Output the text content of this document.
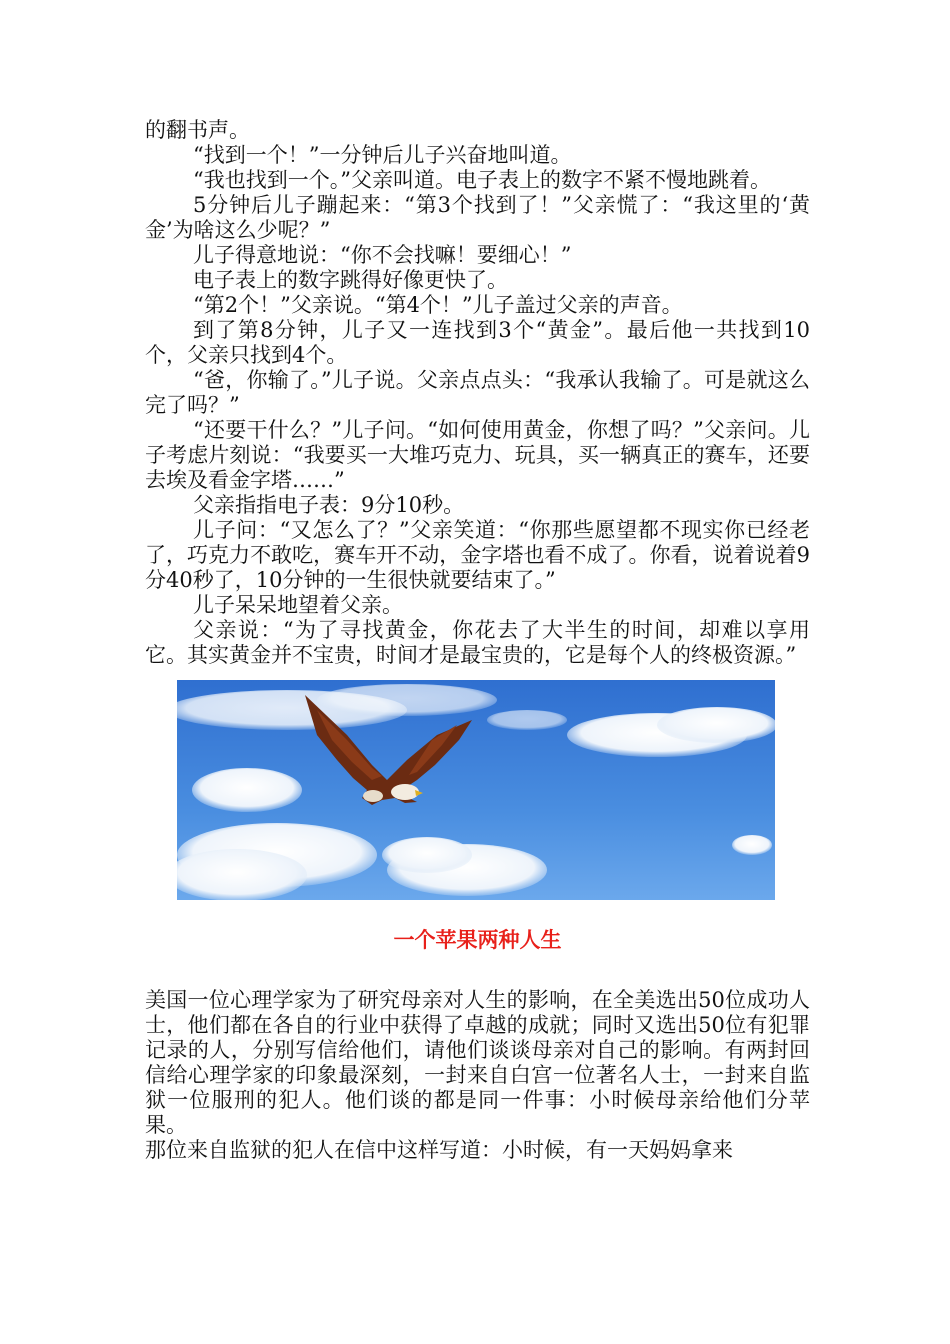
的翻书声。

“找到一个！”一分钟后儿子兴奋地叫道。

“我也找到一个。”父亲叫道。电子表上的数字不紧不慢地跳着。

5分钟后儿子蹦起来：“第3个找到了！”父亲慌了：“我这里的‘黄金’为啥这么少呢？”

儿子得意地说：“你不会找嘛！要细心！”

电子表上的数字跳得好像更快了。

“第2个！”父亲说。“第4个！”儿子盖过父亲的声音。

到了第8分钟，儿子又一连找到3个“黄金”。最后他一共找到10个，父亲只找到4个。

“爸，你输了。”儿子说。父亲点点头：“我承认我输了。可是就这么完了吗？”

“还要干什么？”儿子问。“如何使用黄金，你想了吗？”父亲问。儿子考虑片刻说：“我要买一大堆巧克力、玩具，买一辆真正的赛车，还要去埃及看金字塔……”

父亲指指电子表：9分10秒。

儿子问：“又怎么了？”父亲笑道：“你那些愿望都不现实你已经老了，巧克力不敢吃，赛车开不动，金字塔也看不成了。你看，说着说着9分40秒了，10分钟的一生很快就要结束了。”

儿子呆呆地望着父亲。

父亲说：“为了寻找黄金，你花去了大半生的时间，却难以享用它。其实黄金并不宝贵，时间才是最宝贵的，它是每个人的终极资源。”

一个苹果两种人生

美国一位心理学家为了研究母亲对人生的影响，在全美选出50位成功人士，他们都在各自的行业中获得了卓越的成就；同时又选出50位有犯罪记录的人，分别写信给他们，请他们谈谈母亲对自己的影响。有两封回信给心理学家的印象最深刻，一封来自白宫一位著名人士，一封来自监狱一位服刑的犯人。他们谈的都是同一件事：小时候母亲给他们分苹果。

那位来自监狱的犯人在信中这样写道：小时候，有一天妈妈拿来
